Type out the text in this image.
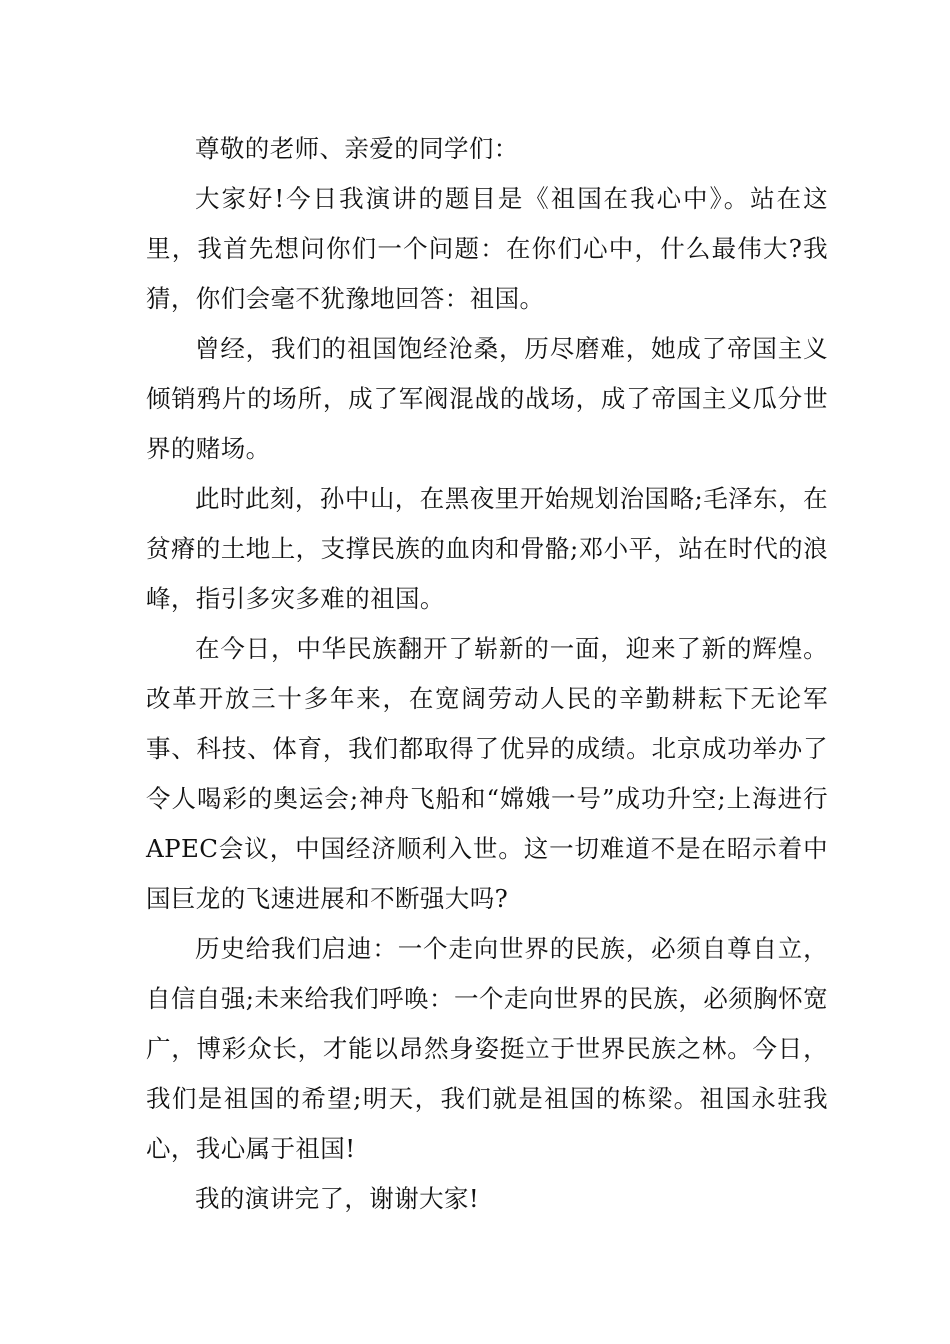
尊敬的老师、亲爱的同学们：

大家好!今日我演讲的题目是《祖国在我心中》。站在这里，我首先想问你们一个问题：在你们心中，什么最伟大?我猜，你们会毫不犹豫地回答：祖国。

曾经，我们的祖国饱经沧桑，历尽磨难，她成了帝国主义倾销鸦片的场所，成了军阀混战的战场，成了帝国主义瓜分世界的赌场。

此时此刻，孙中山，在黑夜里开始规划治国略;毛泽东，在贫瘠的土地上，支撑民族的血肉和骨骼;邓小平，站在时代的浪峰，指引多灾多难的祖国。

在今日，中华民族翻开了崭新的一面，迎来了新的辉煌。改革开放三十多年来，在宽阔劳动人民的辛勤耕耘下无论军事、科技、体育，我们都取得了优异的成绩。北京成功举办了令人喝彩的奥运会;神舟飞船和“嫦娥一号”成功升空;上海进行APEC会议，中国经济顺利入世。这一切难道不是在昭示着中国巨龙的飞速进展和不断强大吗?

历史给我们启迪：一个走向世界的民族，必须自尊自立，自信自强;未来给我们呼唤：一个走向世界的民族，必须胸怀宽广，博彩众长，才能以昂然身姿挺立于世界民族之林。今日，我们是祖国的希望;明天，我们就是祖国的栋梁。祖国永驻我心，我心属于祖国!

我的演讲完了，谢谢大家!
